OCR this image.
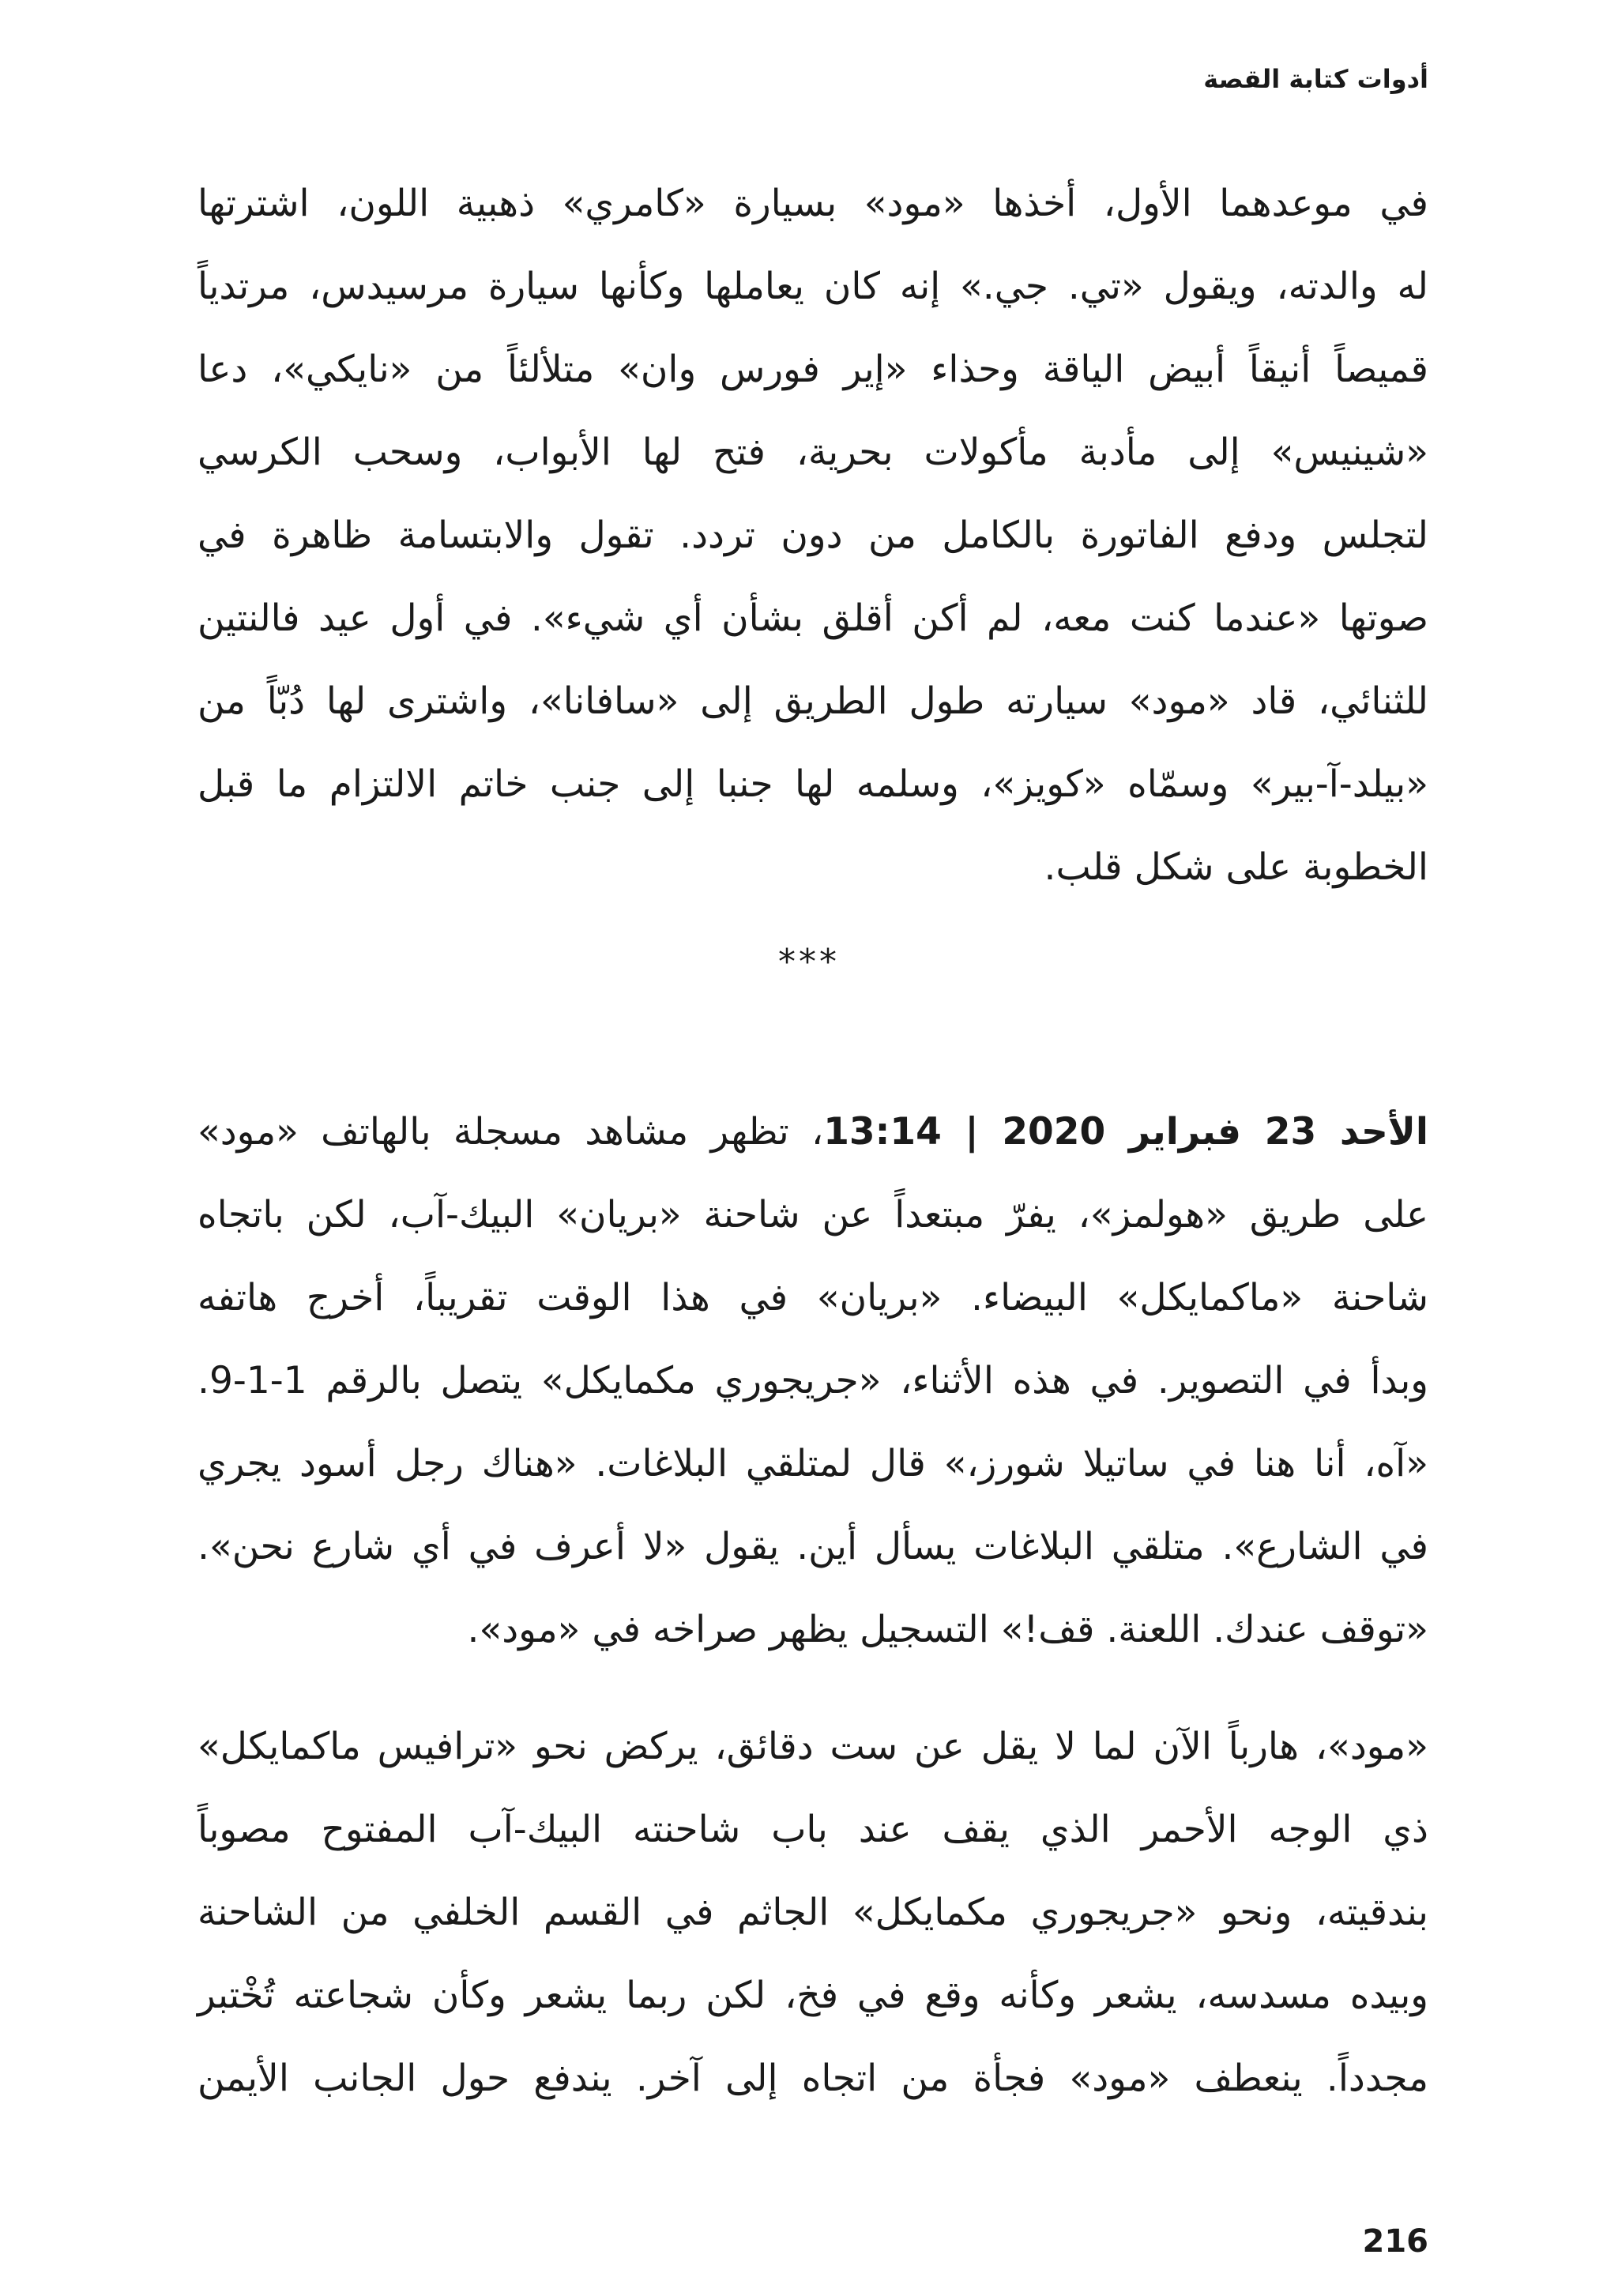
أدوات كتابة القصة

في موعدهما الأول، أخذها «مود» بسيارة «كامري» ذهبية اللون، اشترتها
له والدته، ويقول «تي. جي.» إنه كان يعاملها وكأنها سيارة مرسيدس، مرتدياً
قميصاً أنيقاً أبيض الياقة وحذاء «إير فورس وان» متلألئاً من «نايكي»، دعا
«شينيس» إلى مأدبة مأكولات بحرية، فتح لها الأبواب، وسحب الكرسي
لتجلس ودفع الفاتورة بالكامل من دون تردد. تقول والابتسامة ظاهرة في
صوتها «عندما كنت معه، لم أكن أقلق بشأن أي شيء». في أول عيد فالنتين
للثنائي، قاد «مود» سيارته طول الطريق إلى «سافانا»، واشترى لها دُبّاً من
«بيلد-آ-بير» وسمّاه «كويز»، وسلمه لها جنبا إلى جنب خاتم الالتزام ما قبل
الخطوبة على شكل قلب.

***

الأحد 23 فبراير 2020 | 13:14، تظهر مشاهد مسجلة بالهاتف «مود»
على طريق «هولمز»، يفرّ مبتعداً عن شاحنة «بريان» البيك-آب، لكن باتجاه
شاحنة «ماكمايكل» البيضاء. «بريان» في هذا الوقت تقريباً، أخرج هاتفه
وبدأ في التصوير. في هذه الأثناء، «جريجوري مكمايكل» يتصل بالرقم 1-1-9.
«آه، أنا هنا في ساتيلا شورز،» قال لمتلقي البلاغات. «هناك رجل أسود يجري
في الشارع». متلقي البلاغات يسأل أين. يقول «لا أعرف في أي شارع نحن».
«توقف عندك. اللعنة. قف!» التسجيل يظهر صراخه في «مود».
«مود»، هارباً الآن لما لا يقل عن ست دقائق، يركض نحو «ترافيس ماكمايكل»
ذي الوجه الأحمر الذي يقف عند باب شاحنته البيك-آب المفتوح مصوباً
بندقيته، ونحو «جريجوري مكمايكل» الجاثم في القسم الخلفي من الشاحنة
وبيده مسدسه، يشعر وكأنه وقع في فخ، لكن ربما يشعر وكأن شجاعته تُخْتبر
مجدداً. ينعطف «مود» فجأة من اتجاه إلى آخر. يندفع حول الجانب الأيمن

216
